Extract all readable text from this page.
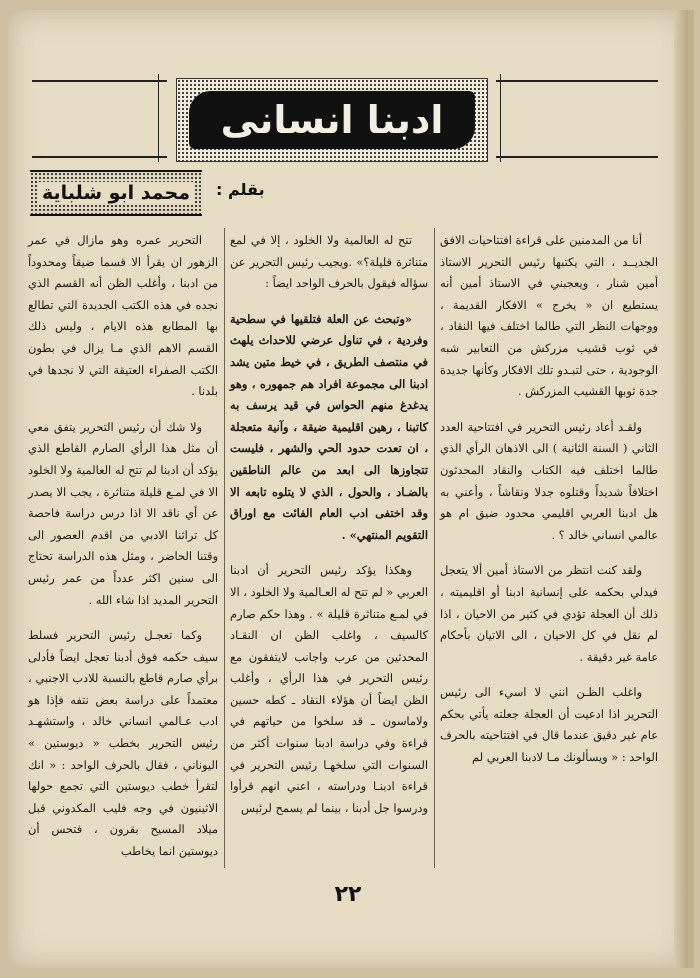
ادبنا انسانی
بقلم :
محمد ابو شلباية

أنا من المدمنين على قراءة افتتاحيات الافق الجديــد ، التي يكتبها رئيس التحرير الاستاذ أمين شنار ، ويعجبني في الاستاذ أمين أنه يستطيع ان « يخرج » الافكار القديمة ، ووجهات النظر التي طالما اختلف فيها النقاد ، في ثوب قشيب مزركش من التعابير شبه الوجودية ، حتى لتبـدو تلك الافكار وكأنها جديدة جدة ثوبها القشيب المزركش .

ولقـد أعاد رئيس التحرير في افتتاحية العدد الثاني ( السنة الثانية ) الى الاذهان الرأي الذي طالما اختلف فيه الكتاب والنقاد المحدثون اختلافاً شديداً وقتلوه جدلا ونقاشاً ، وأعني به هل ادبنا العربي اقليمي محدود ضيق ام هو عالمي انساني خالد ؟ .

ولقد كنت انتظر من الاستاذ أمين ألا يتعجل فيدلي بحكمه على إنسانية ادبنا أو اقليميته ، ذلك أن العجلة تؤدي في كثير من الاحيان ، اذا لم نقل في كل الاحيان ، الى الاتيان بأحكام عامة غير دقيقة .

واغلب الظـن انني لا اسيء الى رئيس التحرير اذا ادعيت أن العجلة جعلته يأتي بحكم عام غير دقيق عندما قال في افتتاحيته بالحرف الواحد : « ويسألونك مـا لادبنا العربي لم

تتح له العالمية ولا الخلود ، إلا في لمع متناثرة قليلة؟» .ويجيب رئيس التحرير عن سؤاله فيقول بالحرف الواحد ايضاً :

«وتبحث عن العلة فتلقيها في سطحية وفردية ، في تناول عرضي للاحداث يلهث في منتصف الطريق ، في خيط متين يشد ادبنا الى مجموعة افراد هم جمهوره ، وهو يدغدغ منهم الحواس في قيد يرسف به كاتبنا ، رهين اقليمية ضيقة ، وآنية متعجلة ، ان تعدت حدود الحي والشهر ، فليست تتجاوزها الى ابعد من عالم الناطقين بالضـاد ، والحول ، الذي لا يتلوه تابعه الا وقد اختفى ادب العام الفائت مع اوراق التقويم المنتهي» .

وهكذا يؤكد رئيس التحرير أن ادبنا العربي « لم تتح له العـالمية ولا الخلود ، الا في لمـع متناثرة قليلة » . وهذا حكم صارم كالسيف ، واغلب الظن ان النقـاد المحدثين من عرب واجانب لايتفقون مع رئيس التحرير في هذا الرأي ، وأغلب الظن ايضاً أن هؤلاء النقاد ـ كطه حسين ولاماسون ـ قد سلخوا من حياتهم في قراءة وفي دراسة ادبنا سنوات أكثر من السنوات التي سلخهـا رئيس التحرير في قراءة ادبنـا ودراسته ، اعني انهم قرأوا ودرسوا جل أدبنا ، بينما لم يسمح لرئيس

التحرير عمره وهو مازال في عمر الزهور ان يقرأ الا قسما ضيقاً ومحدوداً من ادبنا ، وأغلب الظن أنه القسم الذي نجده في هذه الكتب الجديدة التي تطالع بها المطابع هذه الايام ، وليس ذلك القسم الاهم الذي مـا يزال في بطون الكتب الصفراء العتيقة التي لا نجدها في بلدنا .

ولا شك أن رئيس التحرير يتفق معي أن مثل هذا الرأي الصارم القاطع الذي يؤكد أن ادبنا لم تتح له العالمية ولا الخلود الا في لمـع قليلة متناثرة ، يجب الا يصدر عن أي ناقد الا اذا درس دراسة فاحصة كل تراثنا الادبي من اقدم العصور الى وقتنا الحاضر ، ومثل هذه الدراسة تحتاج الى سنين اكثر عدداً من عمر رئيس التحرير المديد اذا شاء الله .

وكما تعجـل رئيس التحرير فسلط سيف حكمه فوق أدبنا تعجل ايضاً فأدلى برأي صارم قاطع بالنسبة للادب الاجنبي ، معتمداً على دراسة بعض نتفه فإذا هو ادب عـالمي انساني خالد ، واستشهـد رئيس التحرير بخطب « ديوستين » اليوناني ، فقال بالحرف الواحد : « انك لتقرأ خطب ديوستين التي تجمع حولها الاثينيون في وجه فليب المكدوني قبل ميلاد المسيح بقرون ، فتحس أن ديوستين انما يخاطب

٢٢
